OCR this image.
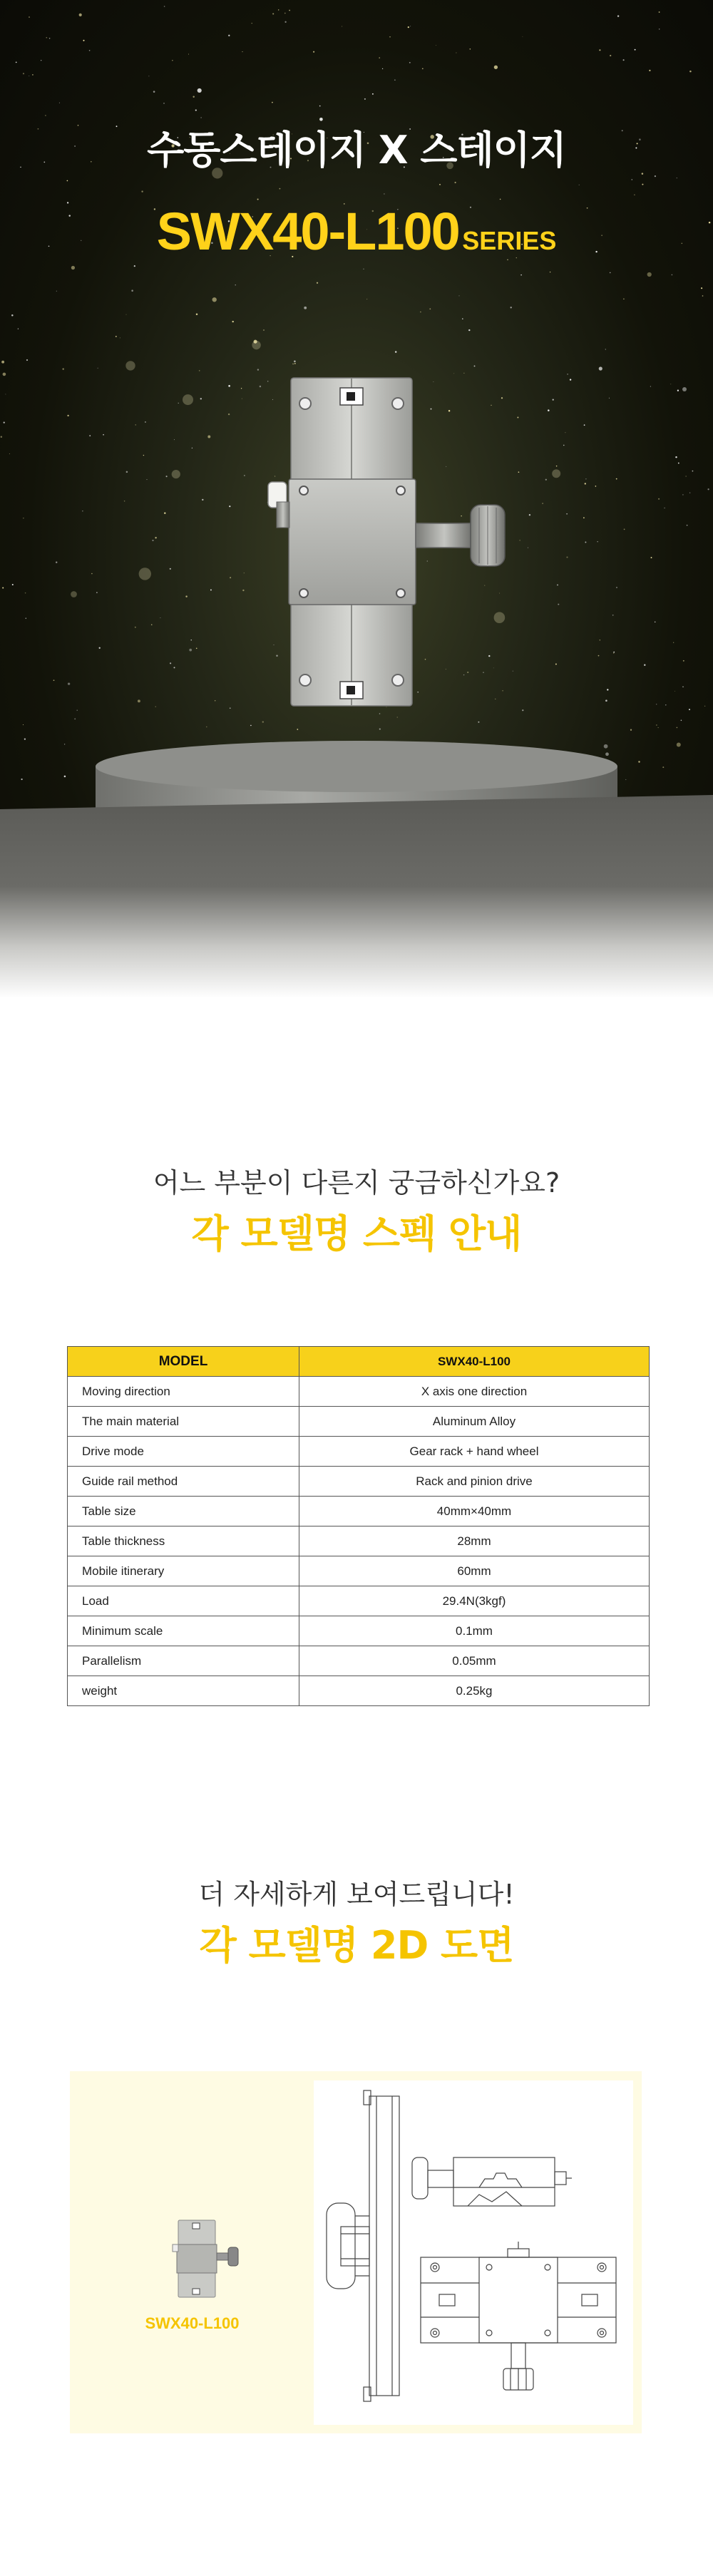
수동스테이지 X 스테이지
SWX40-L100 SERIES

어느 부분이 다른지 궁금하신가요?

각 모델명 스펙 안내
MODEL	SWX40-L100
Moving direction	X axis one direction
The main material	Aluminum Alloy
Drive mode	Gear rack + hand wheel
Guide rail method	Rack and pinion drive
Table size	40mm×40mm
Table thickness	28mm
Mobile itinerary	60mm
Load	29.4N(3kgf)
Minimum scale	0.1mm
Parallelism	0.05mm
weight	0.25kg

더 자세하게 보여드립니다!

각 모델명 2D 도면
SWX40-L100
